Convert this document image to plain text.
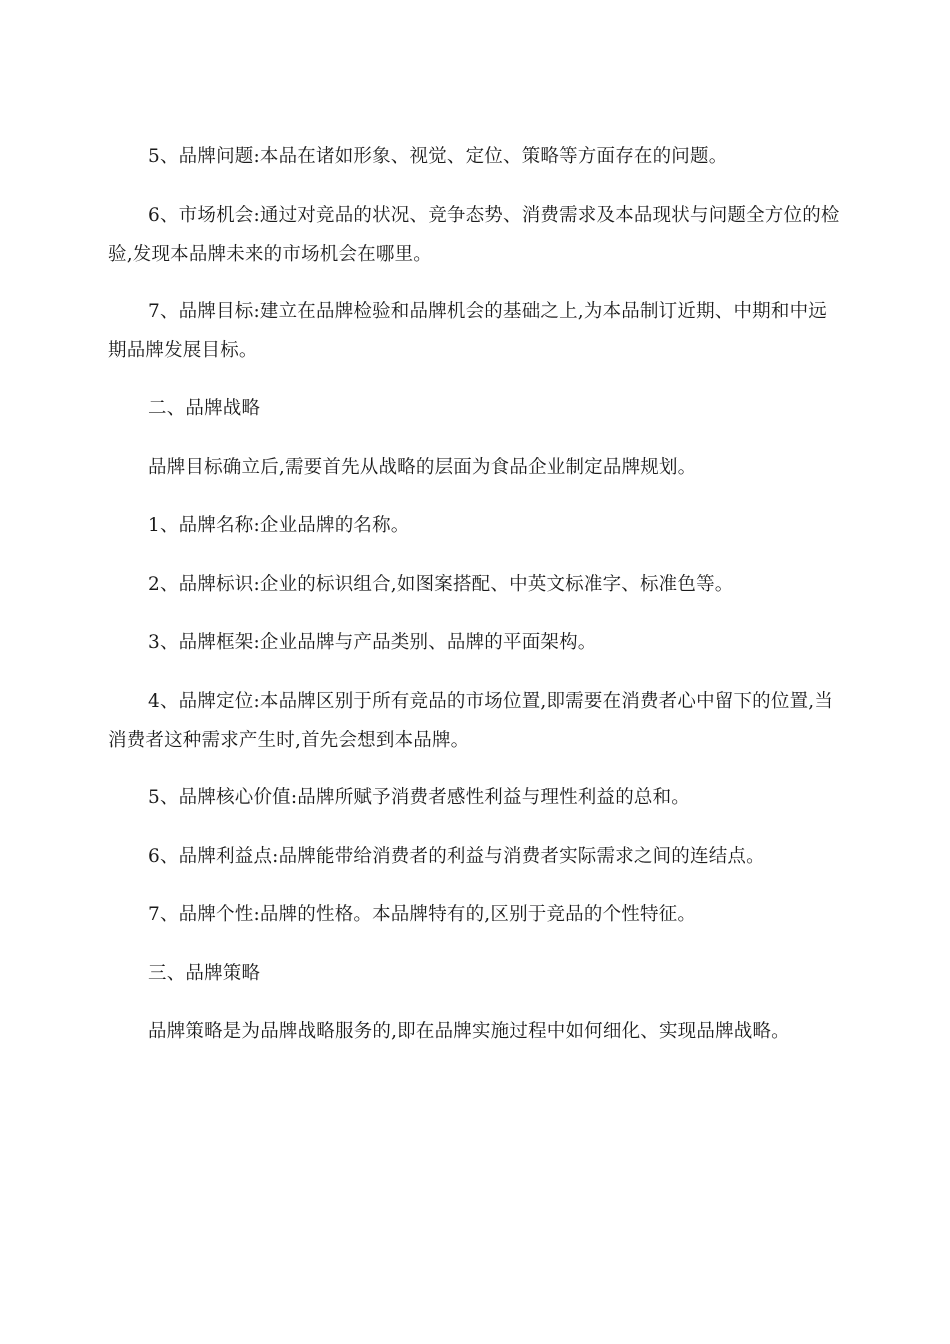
5、品牌问题:本品在诸如形象、视觉、定位、策略等方面存在的问题。

6、市场机会:通过对竞品的状况、竞争态势、消费需求及本品现状与问题全方位的检验,发现本品牌未来的市场机会在哪里。

7、品牌目标:建立在品牌检验和品牌机会的基础之上,为本品制订近期、中期和中远期品牌发展目标。

二、品牌战略

品牌目标确立后,需要首先从战略的层面为食品企业制定品牌规划。

1、品牌名称:企业品牌的名称。

2、品牌标识:企业的标识组合,如图案搭配、中英文标准字、标准色等。

3、品牌框架:企业品牌与产品类别、品牌的平面架构。

4、品牌定位:本品牌区别于所有竞品的市场位置,即需要在消费者心中留下的位置,当消费者这种需求产生时,首先会想到本品牌。

5、品牌核心价值:品牌所赋予消费者感性利益与理性利益的总和。

6、品牌利益点:品牌能带给消费者的利益与消费者实际需求之间的连结点。

7、品牌个性:品牌的性格。本品牌特有的,区别于竞品的个性特征。

三、品牌策略

品牌策略是为品牌战略服务的,即在品牌实施过程中如何细化、实现品牌战略。
